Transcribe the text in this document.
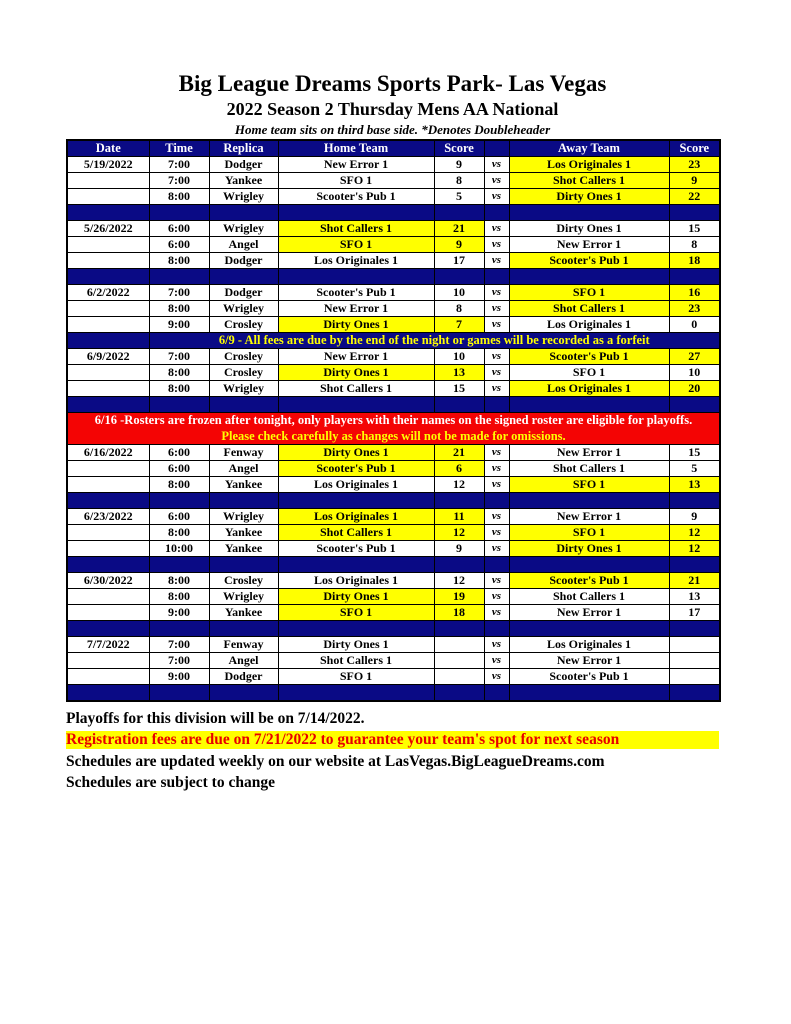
Big League Dreams Sports Park- Las Vegas
2022 Season 2 Thursday Mens AA National
Home team sits on third base side. *Denotes Doubleheader
Date	Time	Replica	Home Team	Score		Away Team	Score
5/19/2022	7:00	Dodger	New Error 1	9	vs	Los Originales 1	23
	7:00	Yankee	SFO 1	8	vs	Shot Callers 1	9
	8:00	Wrigley	Scooter's Pub 1	5	vs	Dirty Ones 1	22

5/26/2022	6:00	Wrigley	Shot Callers 1	21	vs	Dirty Ones 1	15
	6:00	Angel	SFO 1	9	vs	New Error 1	8
	8:00	Dodger	Los Originales 1	17	vs	Scooter's Pub 1	18

6/2/2022	7:00	Dodger	Scooter's Pub 1	10	vs	SFO 1	16
	8:00	Wrigley	New Error 1	8	vs	Shot Callers 1	23
	9:00	Crosley	Dirty Ones 1	7	vs	Los Originales 1	0
	6/9 - All fees are due by the end of the night or games will be recorded as a forfeit						
6/9/2022	7:00	Crosley	New Error 1	10	vs	Scooter's Pub 1	27
	8:00	Crosley	Dirty Ones 1	13	vs	SFO 1	10
	8:00	Wrigley	Shot Callers 1	15	vs	Los Originales 1	20

6/16 -Rosters are frozen after tonight, only players with their names on the signed roster are eligible for playoffs.
Please check carefully as changes will not be made for omissions.							

6/16/2022	6:00	Fenway	Dirty Ones 1	21	vs	New Error 1	15
	6:00	Angel	Scooter's Pub 1	6	vs	Shot Callers 1	5
	8:00	Yankee	Los Originales 1	12	vs	SFO 1	13

6/23/2022	6:00	Wrigley	Los Originales 1	11	vs	New Error 1	9
	8:00	Yankee	Shot Callers 1	12	vs	SFO 1	12
	10:00	Yankee	Scooter's Pub 1	9	vs	Dirty Ones 1	12

6/30/2022	8:00	Crosley	Los Originales 1	12	vs	Scooter's Pub 1	21
	8:00	Wrigley	Dirty Ones 1	19	vs	Shot Callers 1	13
	9:00	Yankee	SFO 1	18	vs	New Error 1	17

7/7/2022	7:00	Fenway	Dirty Ones 1		vs	Los Originales 1	
	7:00	Angel	Shot Callers 1		vs	New Error 1	
	9:00	Dodger	SFO 1		vs	Scooter's Pub 1	

Playoffs for this division will be on 7/14/2022.
Registration fees are due on 7/21/2022 to guarantee your team's spot for next season
Schedules are updated weekly on our website at LasVegas.BigLeagueDreams.com
Schedules are subject to change
